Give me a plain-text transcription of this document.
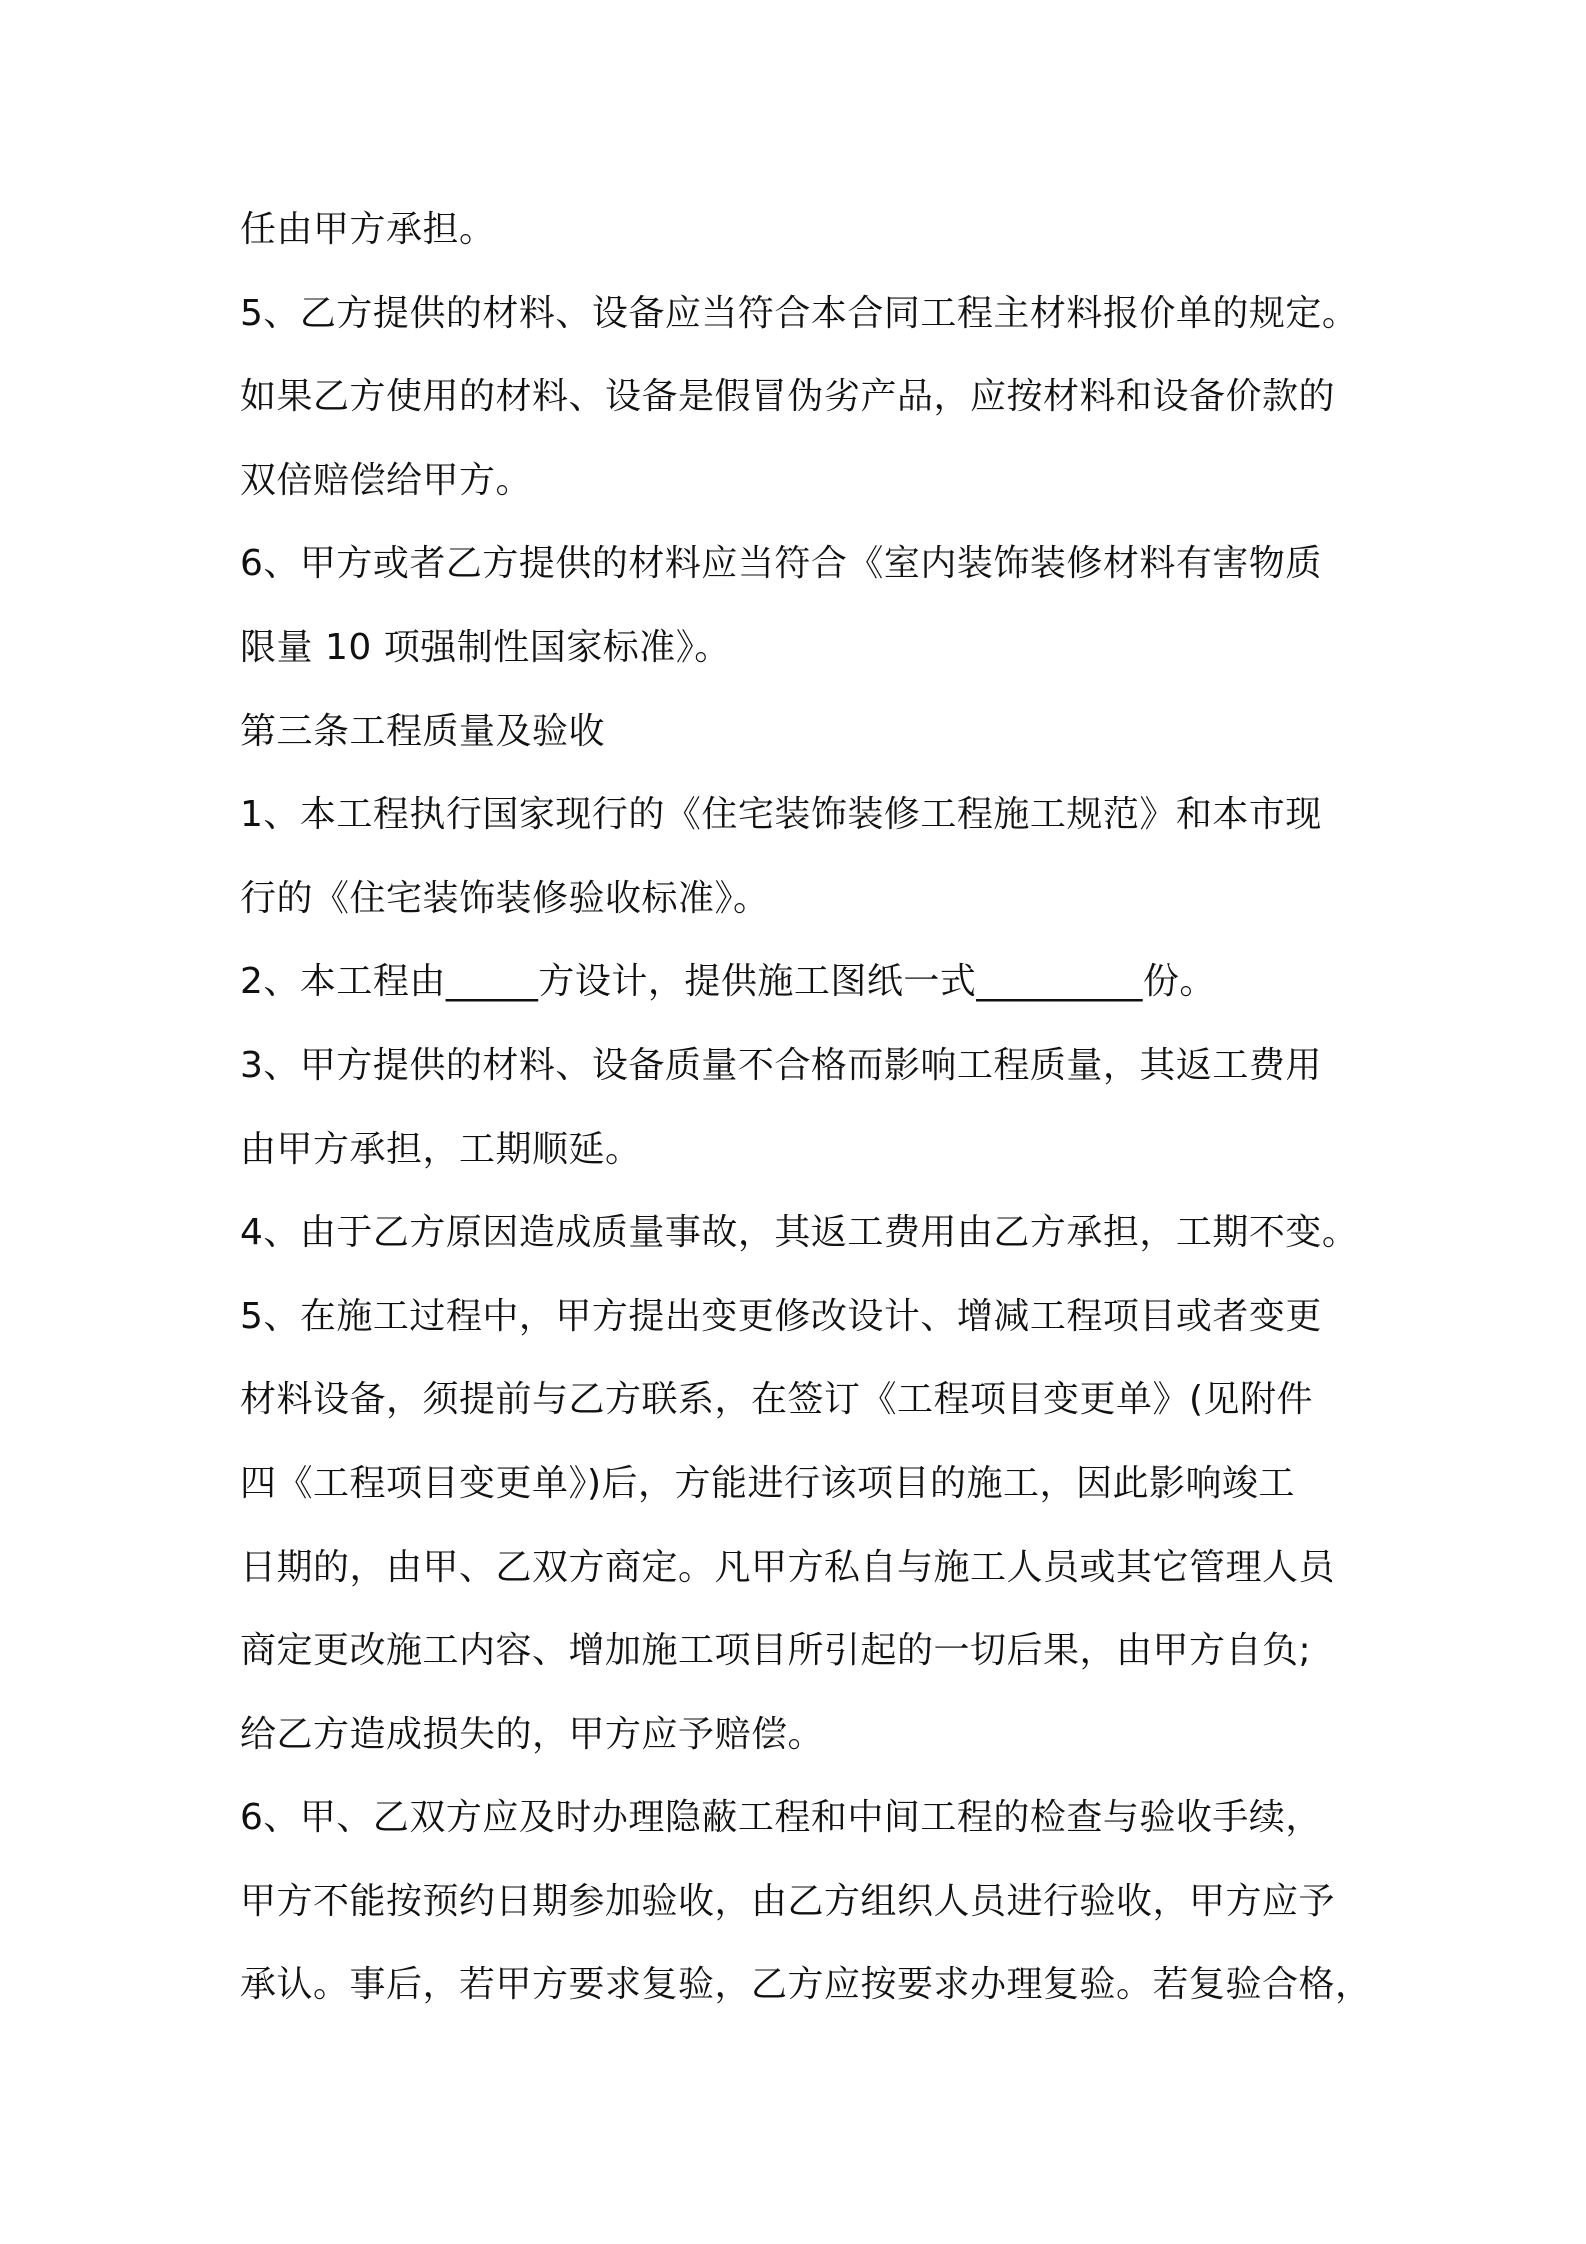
任由甲方承担。
5、乙方提供的材料、设备应当符合本合同工程主材料报价单的规定。
如果乙方使用的材料、设备是假冒伪劣产品，应按材料和设备价款的
双倍赔偿给甲方。
6、甲方或者乙方提供的材料应当符合《室内装饰装修材料有害物质
限量 10 项强制性国家标准》。
第三条工程质量及验收
1、本工程执行国家现行的《住宅装饰装修工程施工规范》和本市现
行的《住宅装饰装修验收标准》。
2、本工程由_____方设计，提供施工图纸一式_________份。
3、甲方提供的材料、设备质量不合格而影响工程质量，其返工费用
由甲方承担，工期顺延。
4、由于乙方原因造成质量事故，其返工费用由乙方承担，工期不变。
5、在施工过程中，甲方提出变更修改设计、增减工程项目或者变更
材料设备，须提前与乙方联系，在签订《工程项目变更单》(见附件
四《工程项目变更单》)后，方能进行该项目的施工，因此影响竣工
日期的，由甲、乙双方商定。凡甲方私自与施工人员或其它管理人员
商定更改施工内容、增加施工项目所引起的一切后果，由甲方自负;
给乙方造成损失的，甲方应予赔偿。
6、甲、乙双方应及时办理隐蔽工程和中间工程的检查与验收手续，
甲方不能按预约日期参加验收，由乙方组织人员进行验收，甲方应予
承认。事后，若甲方要求复验，乙方应按要求办理复验。若复验合格，
